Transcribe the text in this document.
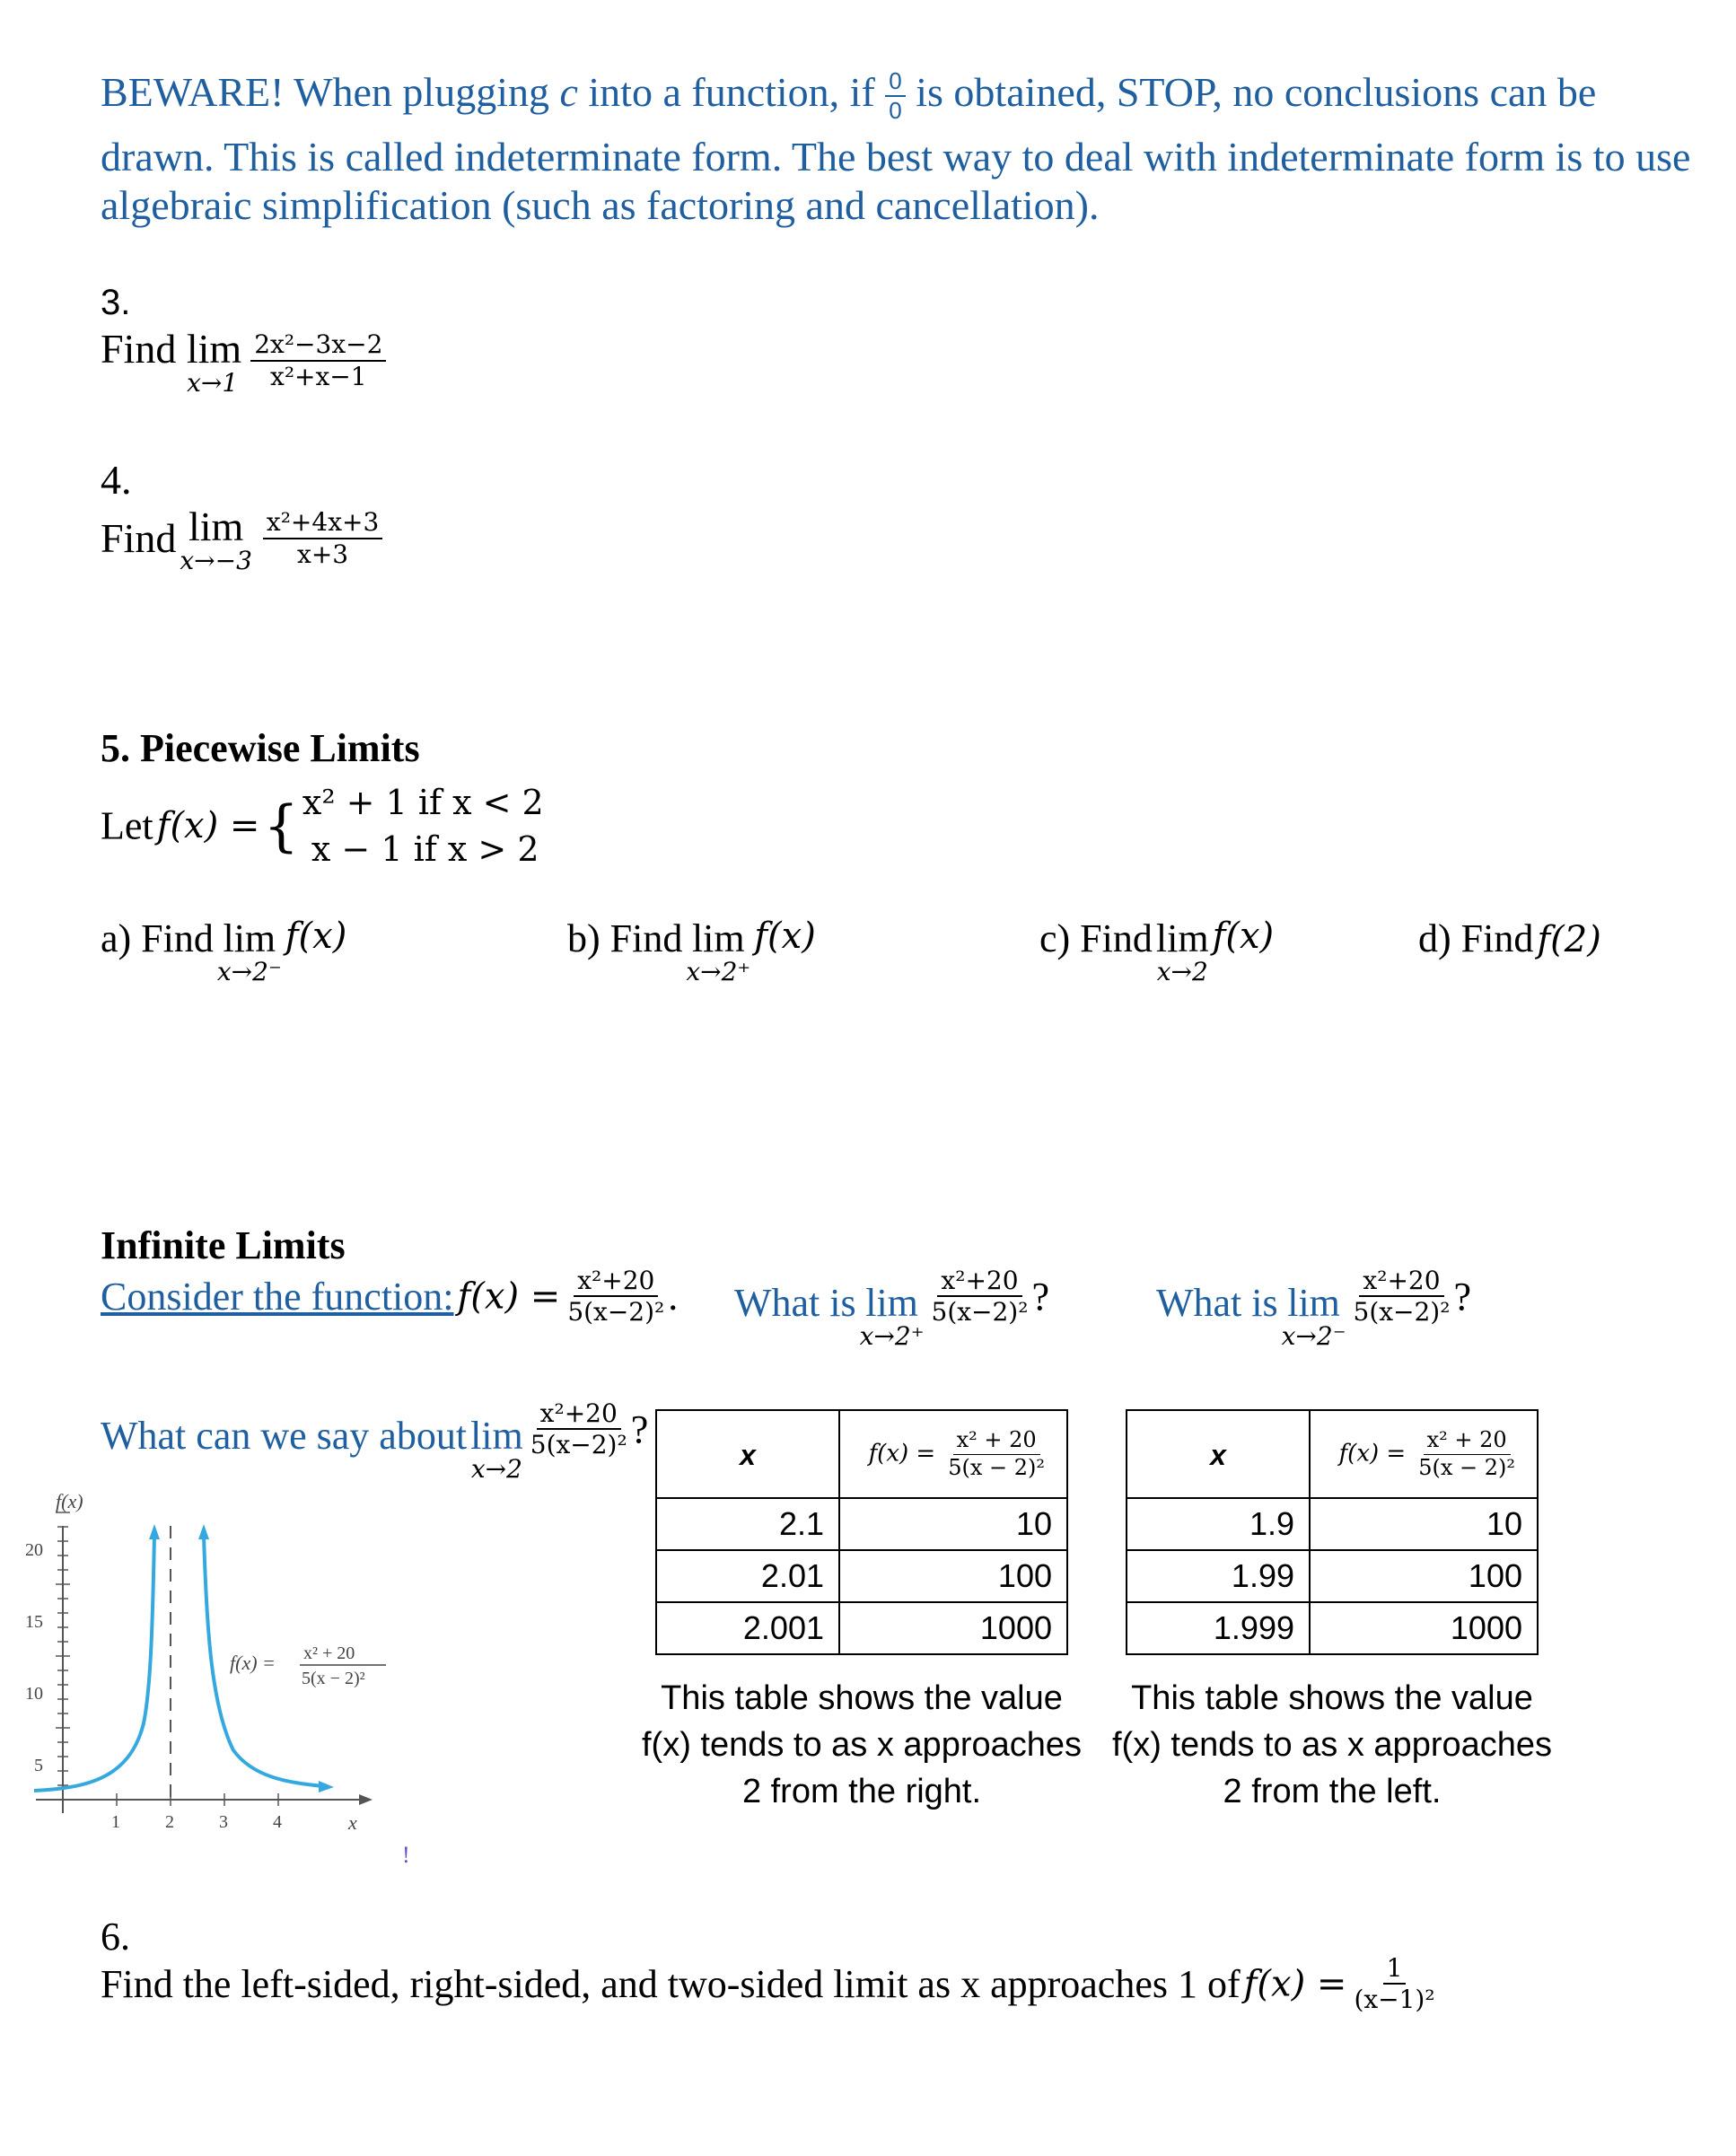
BEWARE! When plugging c into a function, if $\frac{0}{0}$ is obtained, STOP, no conclusions can be
drawn. This is called indeterminate form. The best way to deal with indeterminate form is to use
algebraic simplification (such as factoring and cancellation).
3.
Find lim
x→1
$\frac{\text{2x²−3x−2}}{\text{x²+x−1}}$
4.
Find lim
x→−3
$\frac{\text{x²+4x+3}}{x+3}$
5. Piecewise Limits
Let f(x) = { x² + 1 if x < 2
x − 1 if x > 2
a) Find lim
x→2⁻
f(x)	b) Find lim
x→2⁺
f(x)	c) Find lim
x→2
f(x)	d) Find f(2)
Infinite Limits
Consider the function: $f(x) = \frac{\text{x²+20}}{\text{5(x−2)²}}$ . What is lim
x→2⁺

$\frac{\text{x²+20}}{\text{5(x−2)²}}$ ?	What is lim
x→2⁻

$\frac{\text{x²+20}}{\text{5(x−2)²}}$ ?
What can we say about lim
x→2

$\frac{\text{x²+20}}{\text{5(x−2)²}}$ ?
f(x)
x
20
15
10
5
1	2	3	4
f(x) = x² + 20
5(x − 2)²
!
x	$f(x) = \frac{\text{x² + 20}}{\text{5(x − 2)²}}$

2.1	10
2.01	100
2.001	1000
This table shows the value
f(x) tends to as x approaches
2 from the right.
x	$f(x) = \frac{\text{x² + 20}}{\text{5(x − 2)²}}$

1.9	10
1.99	100
1.999	1000
This table shows the value
f(x) tends to as x approaches
2 from the left.
6.
Find the left-sided, right-sided, and two-sided limit as x approaches 1 of $f(x) = \frac{1}{\text{(x−1)²}}$
